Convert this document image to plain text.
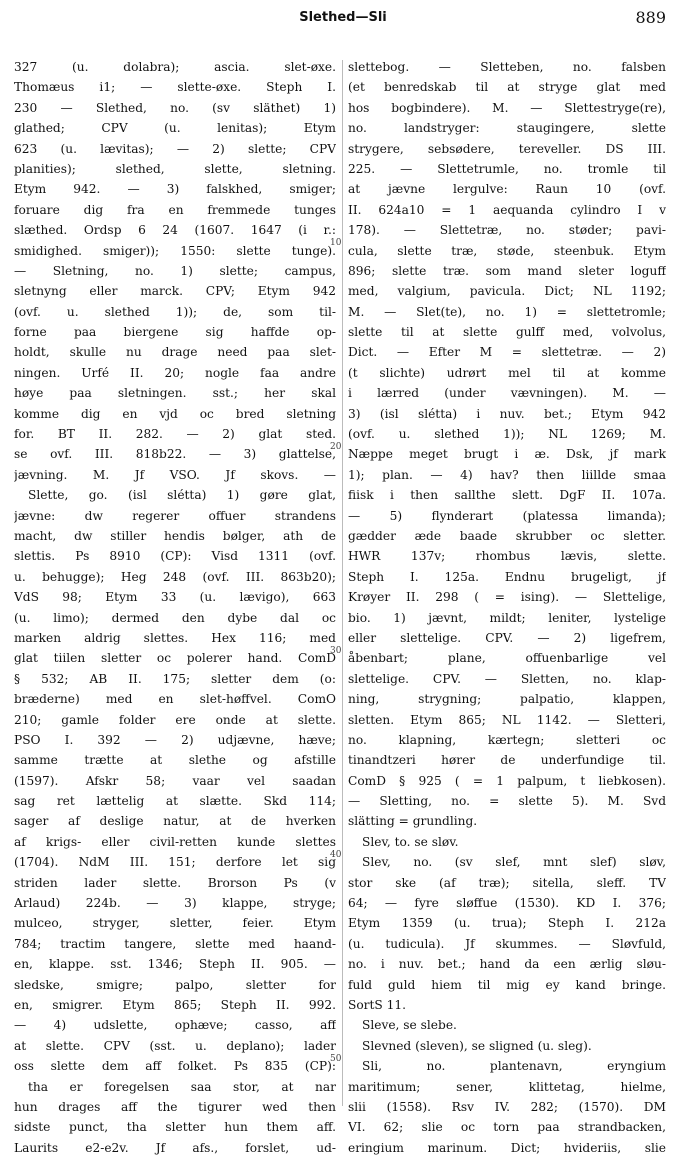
Slethed—Sli	889
327 (u. dolabra); ascia. slet-øxe.
Thomæus i1; — slette-øxe. Steph I.
230 — Slethed, no. (sv släthet) 1)
glathed; CPV (u. lenitas); Etym
623 (u. lævitas); — 2) slette; CPV
planities); slethed, slette, sletning.
Etym 942. — 3) falskhed, smiger;
foruare dig fra en fremmede tunges
slæthed. Ordsp 6 24 (1607. 1647 (i r.:
smidighed. smiger)); 1550: slette tunge).
— Sletning, no. 1) slette; campus,
sletnyng eller marck. CPV; Etym 942
(ovf. u. slethed 1)); de, som til-
forne paa biergene sig haffde op-
holdt, skulle nu drage need paa slet-
ningen. Urfé II. 20; nogle faa andre
høye paa sletningen. sst.; her skal
komme dig en vjd oc bred sletning
for. BT II. 282. — 2) glat sted.
se ovf. III. 818b22. — 3) glattelse,
jævning. M. Jf VSO. Jf skovs. —
Slette, go. (isl slétta) 1) gøre glat,
jævne: dw regerer offuer strandens
macht, dw stiller hendis bølger, ath de
slettis. Ps 8910 (CP): Visd 1311 (ovf.
u. behugge); Heg 248 (ovf. III. 863b20);
VdS 98; Etym 33 (u. lævigo), 663
(u. limo); dermed den dybe dal oc
marken aldrig slettes. Hex 116; med
glat tiilen sletter oc polerer hand. ComD
§ 532; AB II. 175; sletter dem (o:
bræderne) med en slet-høffvel. ComO
210; gamle folder ere onde at slette.
PSO I. 392 — 2) udjævne, hæve;
samme trætte at slethe og afstille
(1597). Afskr 58; vaar vel saadan
sag ret lættelig at slætte. Skd 114;
sager af deslige natur, at de hverken
af krigs- eller civil-retten kunde slettes
(1704). NdM III. 151; derfore let sig
striden lader slette. Brorson Ps (v
Arlaud) 224b. — 3) klappe, stryge;
mulceo, stryger, sletter, feier. Etym
784; tractim tangere, slette med haand-
en, klappe. sst. 1346; Steph II. 905. —
sledske, smigre; palpo, sletter for
en, smigrer. Etym 865; Steph II. 992.
— 4) udslette, ophæve; casso, aff
at slette. CPV (sst. u. deplano); lader
oss slette dem aff folket. Ps 835 (CP):
tha er foregelsen saa stor, at nar
hun drages aff the tigurer wed then
sidste punct, tha sletter hun them aff.
Laurits e2-e2v. Jf afs., forslet, ud-
slettebog. — Sletteben, no. falsben
(et benredskab til at stryge glat med
hos bogbindere). M. — Slettestryge(re),
no. landstryger: staugingere, slette
strygere, sebsødere, tereveller. DS III.
225. — Slettetrumle, no. tromle til
at jævne lergulve: Raun 10 (ovf.
II. 624a10 = 1 aequanda cylindro I v
178). — Slettetræ, no. støder; pavi-
cula, slette træ, støde, steenbuk. Etym
896; slette træ. som mand sleter loguff
med, valgium, pavicula. Dict; NL 1192;
M. — Slet(te), no. 1) = slettetromle;
slette til at slette gulff med, volvolus,
Dict. — Efter M = slettetræ. — 2)
(t slichte) udrørt mel til at komme
i lærred (under vævningen). M. —
3) (isl slétta) i nuv. bet.; Etym 942
(ovf. u. slethed 1)); NL 1269; M.
Næppe meget brugt i æ. Dsk, jf mark
1); plan. — 4) hav? then liillde smaa
fiisk i then sallthe slett. DgF II. 107a.
— 5) flynderart (platessa limanda);
gædder æde baade skrubber oc sletter.
HWR 137v; rhombus lævis, slette.
Steph I. 125a. Endnu brugeligt, jf
Krøyer II. 298 ( = ising). — Slettelige,
bio. 1) jævnt, mildt; leniter, lystelige
eller slettelige. CPV. — 2) ligefrem,
åbenbart; plane, offuenbarlige vel
slettelige. CPV. — Sletten, no. klap-
ning, strygning; palpatio, klappen,
sletten. Etym 865; NL 1142. — Sletteri,
no. klapning, kærtegn; sletteri oc
tinandtzeri hører de underfundige til.
ComD § 925 ( = 1 palpum, t liebkosen).
— Sletting, no. = slette 5). M. Svd
slätting = grundling.
Slev, to. se sløv.
Slev, no. (sv slef, mnt slef) sløv,
stor ske (af træ); sitella, sleff. TV
64; — fyre sløffue (1530). KD I. 376;
Etym 1359 (u. trua); Steph I. 212a
(u. tudicula). Jf skummes. — Sløvfuld,
no. i nuv. bet.; hand da een ærlig sløu-
fuld guld hiem til mig ey kand bringe.
SortS 11.
Sleve, se slebe.
Slevned (sleven), se sligned (u. sleg).
Sli, no. plantenavn, eryngium
maritimum; sener, klittetag, hielme,
slii (1558). Rsv IV. 282; (1570). DM
VI. 62; slie oc torn paa strandbacken,
eringium marinum. Dict; hvideriis, slie
10
20
30
40
50
